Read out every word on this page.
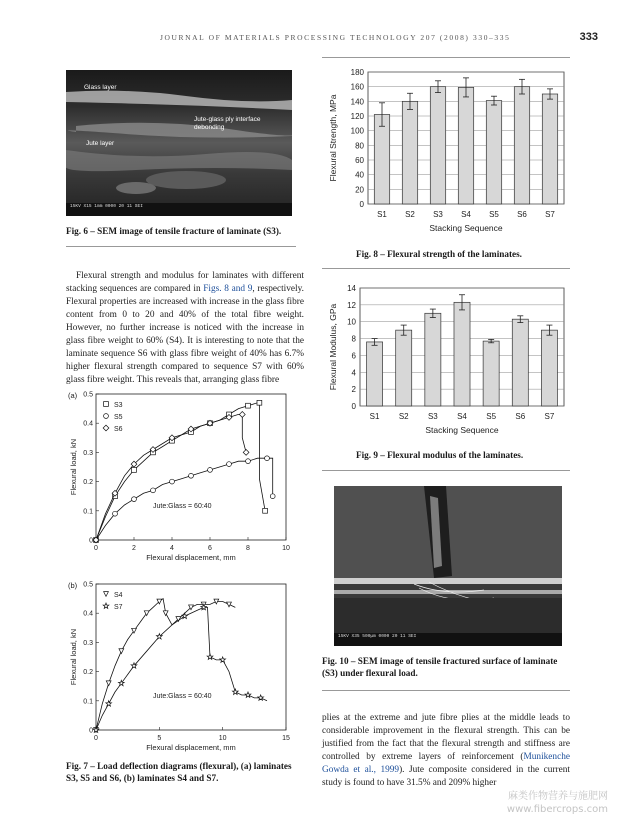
JOURNAL OF MATERIALS PROCESSING TECHNOLOGY 207 (2008) 330–335	333
Glass layer
Jute-glass ply interface debonding
Jute layer
15KV X15 1mm 0000 20 11 SEI
Fig. 6 – SEM image of tensile fracture of laminate (S3).
Flexural strength and modulus for laminates with different stacking sequences are compared in Figs. 8 and 9, respectively. Flexural properties are increased with increase in the glass fibre content from 0 to 20 and 40% of the total fibre weight. However, no further increase is noticed with the increase in glass fibre weight to 60% (S4). It is interesting to note that the laminate sequence S6 with glass fibre weight of 40% has 6.7% higher flexural strength compared to sequence S7 with 60% glass fibre weight. This reveals that, arranging glass fibre
(a)
0
0.1
0.2
0.3
0.4
0.5
0	2	4	6	8	10
Flexural displacement, mm
Flexural load, kN
S3
S5
S6
Jute:Glass = 60:40
(b)
0
0.1
0.2
0.3
0.4
0.5
0	5	10	15
Flexural displacement, mm
Flexural load, kN
S4
S7
Jute:Glass = 60:40
Fig. 7 – Load deflection diagrams (flexural), (a) laminates S3, S5 and S6, (b) laminates S4 and S7.
0
20
40
60
80
100
120
140
160
180
S1 S2 S3 S4 S5 S6 S7
Stacking Sequence
Flexural Strength, MPa
Fig. 8 – Flexural strength of the laminates.
0
2
4
6
8
10
12
14
S1 S2 S3 S4 S5 S6 S7
Stacking Sequence
Flexural Modulus, GPa
Fig. 9 – Flexural modulus of the laminates.
15KV X35 500μm 0000 20 11 SEI
Fig. 10 – SEM image of tensile fractured surface of laminate (S3) under flexural load.
plies at the extreme and jute fibre plies at the middle leads to considerable improvement in the flexural strength. This can be justified from the fact that the flexural strength and stiffness are controlled by extreme layers of reinforcement (Munikenche Gowda et al., 1999). Jute composite considered in the current study is found to have 31.5% and 209% higher
麻类作物营养与施肥网
www.fibercrops.com
